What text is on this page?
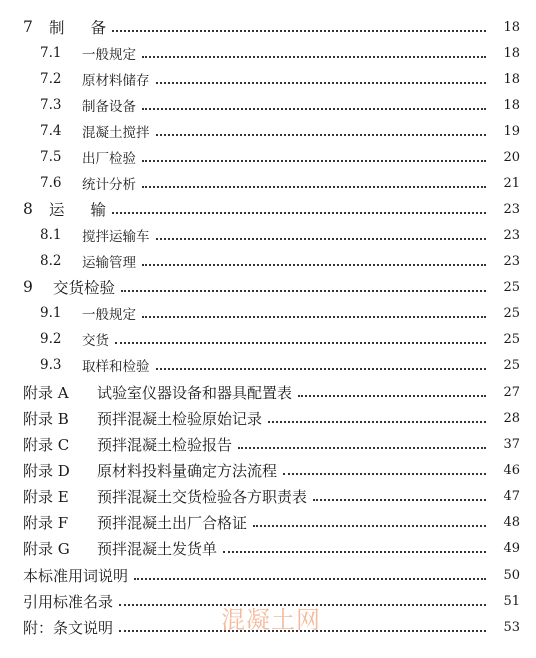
7	制备	18
7.1	一般规定	18
7.2	原材料储存	18
7.3	制备设备	18
7.4	混凝土搅拌	19
7.5	出厂检验	20
7.6	统计分析	21
8	运输	23
8.1	搅拌运输车	23
8.2	运输管理	23
9	交货检验	25
9.1	一般规定	25
9.2	交货	25
9.3	取样和检验	25
附录 A	试验室仪器设备和器具配置表	27
附录 B	预拌混凝土检验原始记录	28
附录 C	预拌混凝土检验报告	37
附录 D	原材料投料量确定方法流程	46
附录 E	预拌混凝土交货检验各方职责表	47
附录 F	预拌混凝土出厂合格证	48
附录 G	预拌混凝土发货单	49
本标准用词说明	50
引用标准名录	51
附：条文说明	53
混凝土网
